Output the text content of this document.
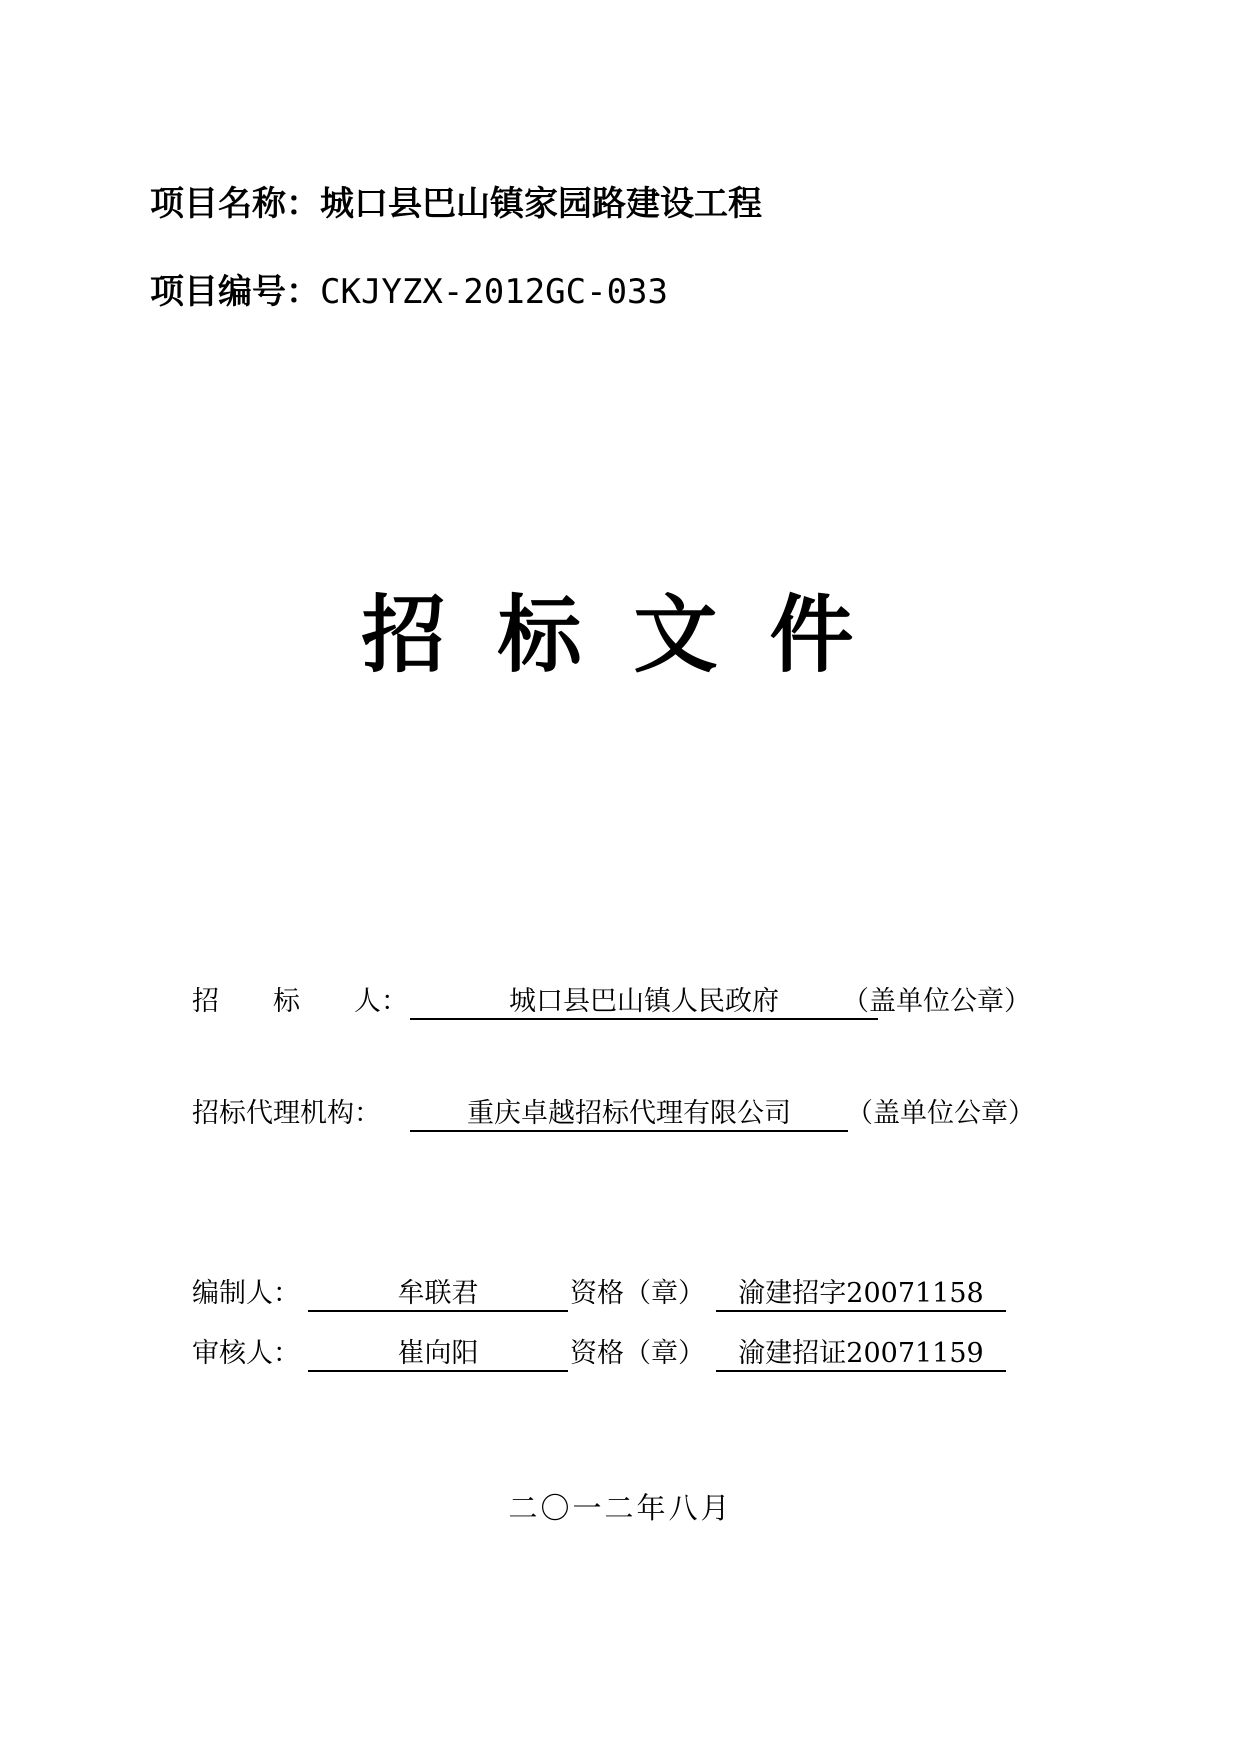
项目名称：城口县巴山镇家园路建设工程
项目编号：CKJYZX-2012GC-033
招标文件
招　　标　　人：	城口县巴山镇人民政府	（盖单位公章）
招标代理机构：	重庆卓越招标代理有限公司	（盖单位公章）
编制人：	牟联君	资格（章）	渝建招字20071158
审核人：	崔向阳	资格（章）	渝建招证20071159
二〇一二年八月
